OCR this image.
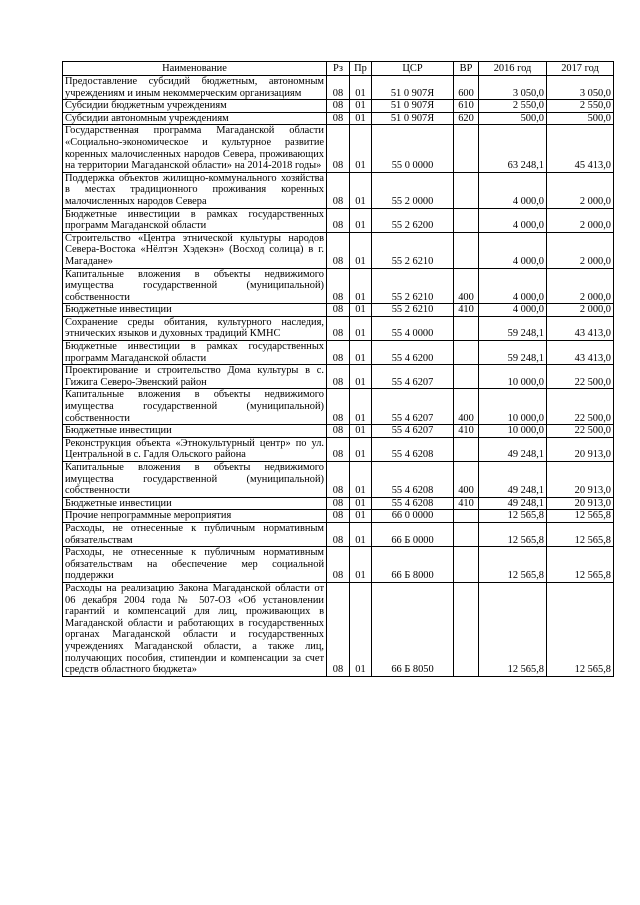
Наименование	Рз	Пр	ЦСР	ВР	2016 год	2017 год
Предоставление субсидий бюджетным, автономным учреждениям и иным некоммерческим организациям	08	01	51 0 907Я	600	3 050,0	3 050,0
Субсидии бюджетным учреждениям	08	01	51 0 907Я	610	2 550,0	2 550,0
Субсидии автономным учреждениям	08	01	51 0 907Я	620	500,0	500,0
Государственная программа Магаданской области «Социально-экономическое и культурное развитие коренных малочисленных народов Севера, проживающих на территории Магаданской области» на 2014-2018 годы»	08	01	55 0 0000		63 248,1	45 413,0
Поддержка объектов жилищно-коммунального хозяйства в местах традиционного проживания коренных малочисленных народов Севера	08	01	55 2 0000		4 000,0	2 000,0
Бюджетные инвестиции в рамках государственных программ Магаданской области	08	01	55 2 6200		4 000,0	2 000,0
Строительство «Центра этнической культуры народов Севера-Востока «Нёлтэн Хэдекэн» (Восход солица) в г. Магадане»	08	01	55 2 6210		4 000,0	2 000,0
Капитальные вложения в объекты недвижимого имущества государственной (муниципальной) собственности	08	01	55 2 6210	400	4 000,0	2 000,0
Бюджетные инвестиции	08	01	55 2 6210	410	4 000,0	2 000,0
Сохранение среды обитания, культурного наследия, этнических языков и духовных традиций КМНС	08	01	55 4 0000		59 248,1	43 413,0
Бюджетные инвестиции в рамках государственных программ Магаданской области	08	01	55 4 6200		59 248,1	43 413,0
Проектирование и строительство Дома культуры в с. Гижига Северо-Эвенский район	08	01	55 4 6207		10 000,0	22 500,0
Капитальные вложения в объекты недвижимого имущества государственной (муниципальной) собственности	08	01	55 4 6207	400	10 000,0	22 500,0
Бюджетные инвестиции	08	01	55 4 6207	410	10 000,0	22 500,0
Реконструкция объекта «Этнокультурный центр» по ул. Центральной в с. Гадля Ольского района	08	01	55 4 6208		49 248,1	20 913,0
Капитальные вложения в объекты недвижимого имущества государственной (муниципальной) собственности	08	01	55 4 6208	400	49 248,1	20 913,0
Бюджетные инвестиции	08	01	55 4 6208	410	49 248,1	20 913,0
Прочие непрограммные мероприятия	08	01	66 0 0000		12 565,8	12 565,8
Расходы, не отнесенные к публичным нормативным обязательствам	08	01	66 Б 0000		12 565,8	12 565,8
Расходы, не отнесенные к публичным нормативным обязательствам на обеспечение мер социальной поддержки	08	01	66 Б 8000		12 565,8	12 565,8
Расходы на реализацию Закона Магаданской области от 06 декабря 2004 года № 507-ОЗ «Об установлении гарантий и компенсаций для лиц, проживающих в Магаданской области и работающих в государственных органах Магаданской области и государственных учреждениях Магаданской области, а также лиц, получающих пособия, стипендии и компенсации за счет средств областного бюджета»	08	01	66 Б 8050		12 565,8	12 565,8
